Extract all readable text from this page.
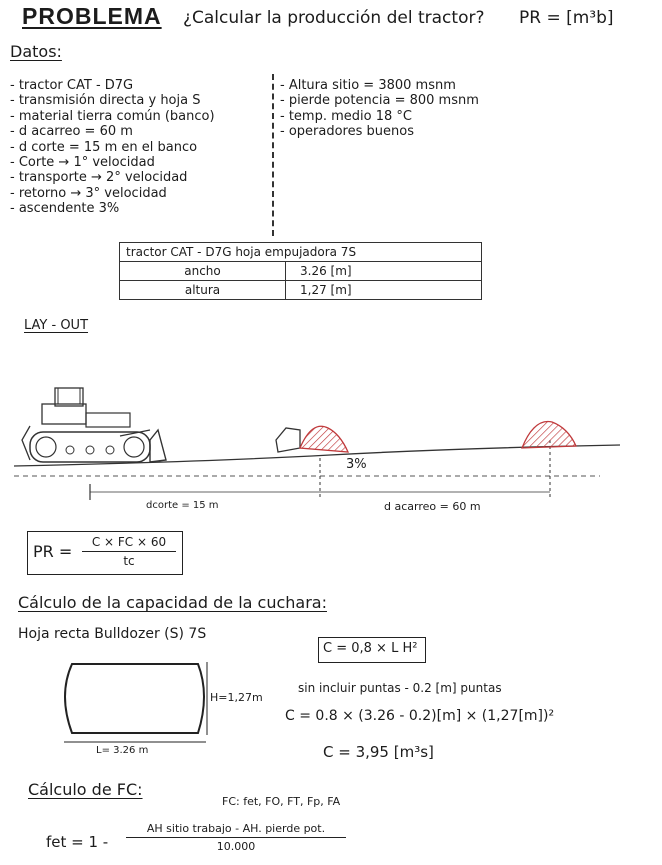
PROBLEMA ¿Calcular la producción del tractor? PR = [m³b]
Datos:
- tractor CAT - D7G
- transmisión directa y hoja S
- material tierra común (banco)
- d acarreo = 60 m
- d corte = 15 m en el banco
- Corte → 1° velocidad
- transporte → 2° velocidad
- retorno → 3° velocidad
- ascendente 3%
- Altura sitio = 3800 msnm
- pierde potencia = 800 msnm
- temp. medio 18 °C
- operadores buenos
tractor CAT - D7G hoja empujadora 7S	
ancho	3.26 [m]
altura	1,27 [m]
LAY - OUT
3%
dcorte = 15 m	d acarreo = 60 m
PR =	C × FC × 60
tc
Cálculo de la capacidad de la cuchara:
Hoja recta Bulldozer (S) 7S
C = 0,8 × L H²
H=1,27m
L= 3.26 m
sin incluir puntas - 0.2 [m] puntas
C = 0.8 × (3.26 - 0.2)[m] × (1,27[m])²
C = 3,95 [m³s]
Cálculo de FC:
FC: fet, FO, FT, Fp, FA
fet = 1 -
AH sitio trabajo - AH. pierde pot.
10.000
